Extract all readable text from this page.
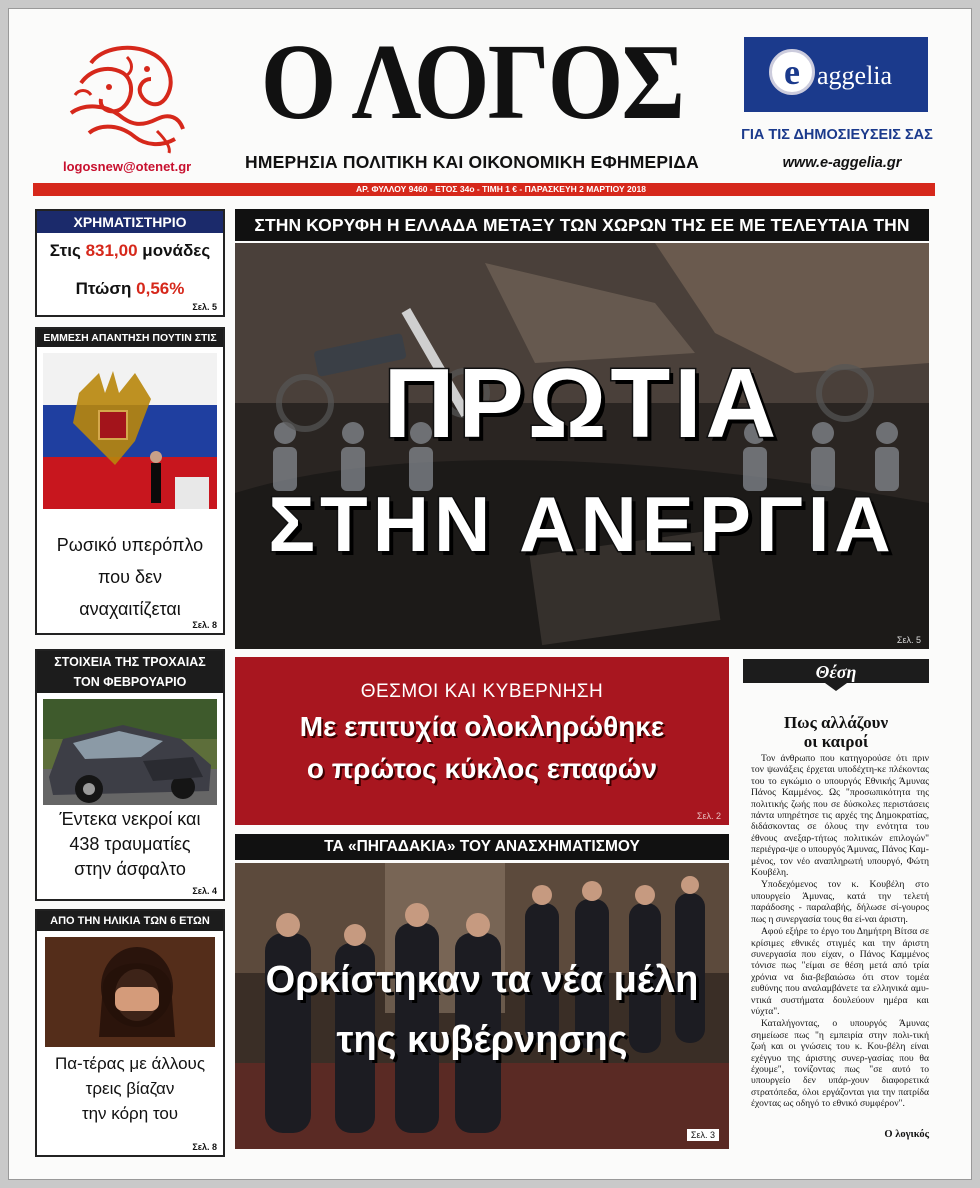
logosnew@otenet.gr
Ο ΛΟΓΟΣ
ΗΜΕΡΗΣΙΑ ΠΟΛΙΤΙΚΗ ΚΑΙ ΟΙΚΟΝΟΜΙΚΗ ΕΦΗΜΕΡΙΔΑ
e aggelia
ΓΙΑ ΤΙΣ ΔΗΜΟΣΙΕΥΣΕΙΣ ΣΑΣ
www.e-aggelia.gr
ΑΡ. ΦΥΛΛΟΥ 9460 - ΕΤΟΣ 34ο - ΤΙΜΗ 1 € - ΠΑΡΑΣΚΕΥΗ 2 ΜΑΡΤΙΟΥ 2018
ΧΡΗΜΑΤΙΣΤΗΡΙΟ
Στις 831,00 μονάδες
Πτώση 0,56%
Σελ. 5
ΕΜΜΕΣΗ ΑΠΑΝΤΗΣΗ ΠΟΥΤΙΝ ΣΤΙΣ
Ρωσικό υπερόπλο
που δεν
αναχαιτίζεται
Σελ. 8
ΣΤΟΙΧΕΙΑ ΤΗΣ ΤΡΟΧΑΙΑΣ
ΤΟΝ ΦΕΒΡΟΥΑΡΙΟ
Έντεκα νεκροί και
438 τραυματίες
στην άσφαλτο
Σελ. 4
ΑΠΟ ΤΗΝ ΗΛΙΚΙΑ ΤΩΝ 6 ΕΤΩΝ
Πα-τέρας με άλλους
τρεις βίαζαν
την κόρη του
Σελ. 8
ΣΤΗΝ ΚΟΡΥΦΗ Η ΕΛΛΑΔΑ ΜΕΤΑΞΥ ΤΩΝ ΧΩΡΩΝ ΤΗΣ ΕΕ ΜΕ ΤΕΛΕΥΤΑΙΑ ΤΗΝ
ΠΡΩΤΙΑ
ΣΤΗΝ ΑΝΕΡΓΙΑ
Σελ. 5
ΘΕΣΜΟΙ ΚΑΙ ΚΥΒΕΡΝΗΣΗ
Με επιτυχία ολοκληρώθηκε
ο πρώτος κύκλος επαφών
Σελ. 2
ΤΑ «ΠΗΓΑΔΑΚΙΑ» ΤΟΥ ΑΝΑΣΧΗΜΑΤΙΣΜΟΥ
Ορκίστηκαν τα νέα μέλη
της κυβέρνησης
Σελ. 3
Θέση
Πως αλλάζουν
οι καιροί

Τον άνθρωπο που κατηγορούσε ότι πριν τον ψωνάξεις έρχεται υποδέχτη-κε πλέκοντας του το εγκώμιο ο υπουργός Εθνικής Άμυνας Πάνος Καμμένος. Ως "προσωπικότητα της πολιτικής ζωής που σε δύσκολες περιστάσεις πάντα υπηρέτησε τις αρχές της Δημοκρατίας, διδάσκοντας σε όλους την ενότητα του έθνους ανεξαρ-τήτως πολιτικών επιλογών" περιέγρα-ψε ο υπουργός Άμυνας, Πάνος Καμ-μένος, τον νέο αναπληρωτή υπουργό, Φώτη Κουβέλη.

Υποδεχόμενος τον κ. Κουβέλη στο υπουργείο Άμυνας, κατά την τελετή παράδοσης - παραλαβής, δήλωσε σί-γουρος πως η συνεργασία τους θα εί-ναι άριστη.

Αφού εξήρε το έργο του Δημήτρη Βίτσα σε κρίσιμες εθνικές στιγμές και την άριστη συνεργασία που είχαν, ο Πάνος Καμμένος τόνισε πως "είμαι σε θέση μετά από τρία χρόνια να δια-βεβαιώσω ότι στον τομέα ευθύνης που αναλαμβάνετε τα ελληνικά αμυ-ντικά συστήματα δουλεύουν ημέρα και νύχτα".

Καταλήγοντας, ο υπουργός Άμυνας σημείωσε πως "η εμπειρία στην πολι-τική ζωή και οι γνώσεις του κ. Κου-βέλη είναι εχέγγυο της άριστης συνερ-γασίας που θα έχουμε", τονίζοντας πως "σε αυτό το υπουργείο δεν υπάρ-χουν διαφορετικά στρατόπεδα, όλοι εργάζονται για την πατρίδα έχοντας ως οδηγό το εθνικό συμφέρον".

Ο λογικός
